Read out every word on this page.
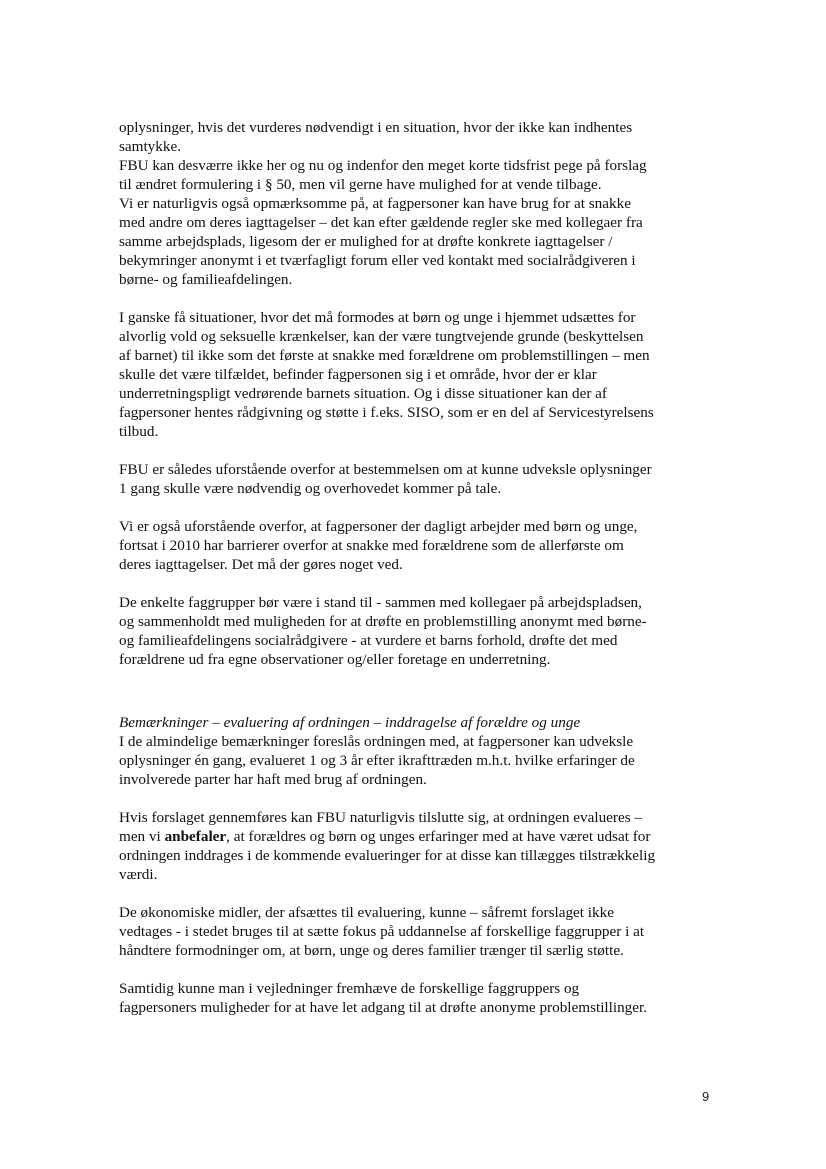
oplysninger, hvis det vurderes nødvendigt i en situation, hvor der ikke kan indhentes

samtykke.

FBU kan desværre ikke her og nu og indenfor den meget korte tidsfrist pege på forslag

til ændret formulering i § 50, men vil gerne have mulighed for at vende tilbage.

Vi er naturligvis også opmærksomme på, at fagpersoner kan have brug for at snakke

med andre om deres iagttagelser – det kan efter gældende regler ske med kollegaer fra

samme arbejdsplads, ligesom der er mulighed for at drøfte konkrete iagttagelser /

bekymringer anonymt i et tværfagligt forum eller ved kontakt med socialrådgiveren i

børne- og familieafdelingen.

I ganske få situationer, hvor det må formodes at børn og unge i hjemmet udsættes for

alvorlig vold og seksuelle krænkelser, kan der være tungtvejende grunde (beskyttelsen

af barnet) til ikke som det første at snakke med forældrene om problemstillingen – men

skulle det være tilfældet, befinder fagpersonen sig i et område, hvor der er klar

underretningspligt vedrørende barnets situation. Og i disse situationer kan der af

fagpersoner hentes rådgivning og støtte i f.eks. SISO, som er en del af Servicestyrelsens

tilbud.

FBU er således uforstående overfor at bestemmelsen om at kunne udveksle oplysninger

1 gang skulle være nødvendig og overhovedet kommer på tale.

Vi er også uforstående overfor, at fagpersoner der dagligt arbejder med børn og unge,

fortsat i 2010 har barrierer overfor at snakke med forældrene som de allerførste om

deres iagttagelser. Det må der gøres noget ved.

De enkelte faggrupper bør være i stand til - sammen med kollegaer på arbejdspladsen,

og sammenholdt med muligheden for at drøfte en problemstilling anonymt med børne-

og familieafdelingens socialrådgivere - at vurdere et barns forhold, drøfte det med

forældrene ud fra egne observationer og/eller foretage en underretning.

Bemærkninger – evaluering af ordningen – inddragelse af forældre og unge

I de almindelige bemærkninger foreslås ordningen med, at fagpersoner kan udveksle

oplysninger én gang, evalueret 1 og 3 år efter ikrafttræden m.h.t. hvilke erfaringer de

involverede parter har haft med brug af ordningen.

Hvis forslaget gennemføres kan FBU naturligvis tilslutte sig, at ordningen evalueres –

men vi anbefaler, at forældres og børn og unges erfaringer med at have været udsat for

ordningen inddrages i de kommende evalueringer for at disse kan tillægges tilstrækkelig

værdi.

De økonomiske midler, der afsættes til evaluering, kunne – såfremt forslaget ikke

vedtages - i stedet bruges til at sætte fokus på uddannelse af forskellige faggrupper i at

håndtere formodninger om, at børn, unge og deres familier trænger til særlig støtte.

Samtidig kunne man i vejledninger fremhæve de forskellige faggruppers og

fagpersoners muligheder for at have let adgang til at drøfte anonyme problemstillinger.

9
